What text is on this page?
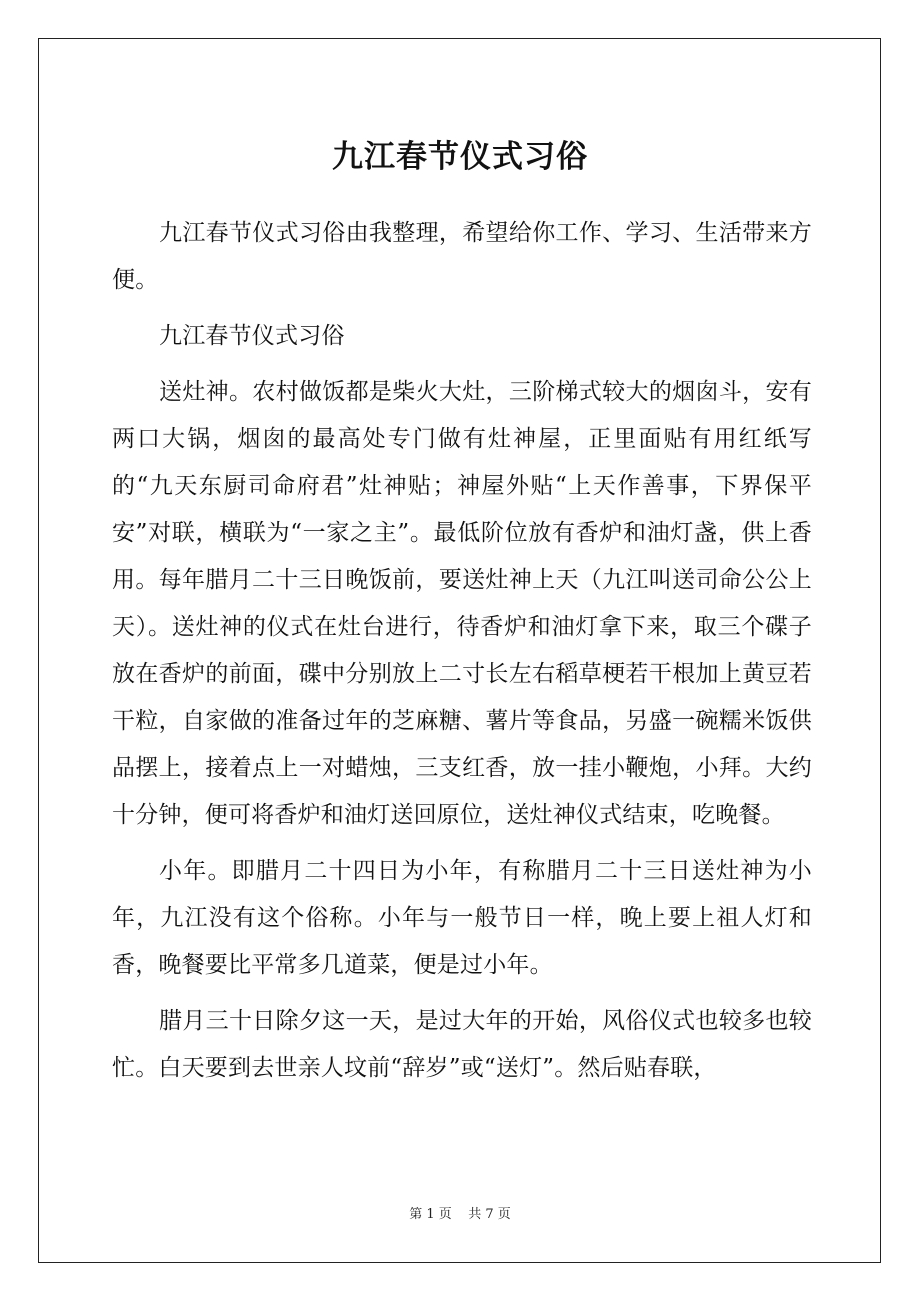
九江春节仪式习俗

九江春节仪式习俗由我整理，希望给你工作、学习、生活带来方便。

九江春节仪式习俗

送灶神。农村做饭都是柴火大灶，三阶梯式较大的烟囱斗，安有两口大锅，烟囱的最高处专门做有灶神屋，正里面贴有用红纸写的“九天东厨司命府君”灶神贴；神屋外贴“上天作善事，下界保平安”对联，横联为“一家之主”。最低阶位放有香炉和油灯盏，供上香用。每年腊月二十三日晚饭前，要送灶神上天（九江叫送司命公公上天）。送灶神的仪式在灶台进行，待香炉和油灯拿下来，取三个碟子放在香炉的前面，碟中分别放上二寸长左右稻草梗若干根加上黄豆若干粒，自家做的准备过年的芝麻糖、薯片等食品，另盛一碗糯米饭供品摆上，接着点上一对蜡烛，三支红香，放一挂小鞭炮，小拜。大约十分钟，便可将香炉和油灯送回原位，送灶神仪式结束，吃晚餐。

小年。即腊月二十四日为小年，有称腊月二十三日送灶神为小年，九江没有这个俗称。小年与一般节日一样，晚上要上祖人灯和香，晚餐要比平常多几道菜，便是过小年。

腊月三十日除夕这一天，是过大年的开始，风俗仪式也较多也较忙。白天要到去世亲人坟前“辞岁”或“送灯”。然后贴春联，

第 1 页    共 7 页
